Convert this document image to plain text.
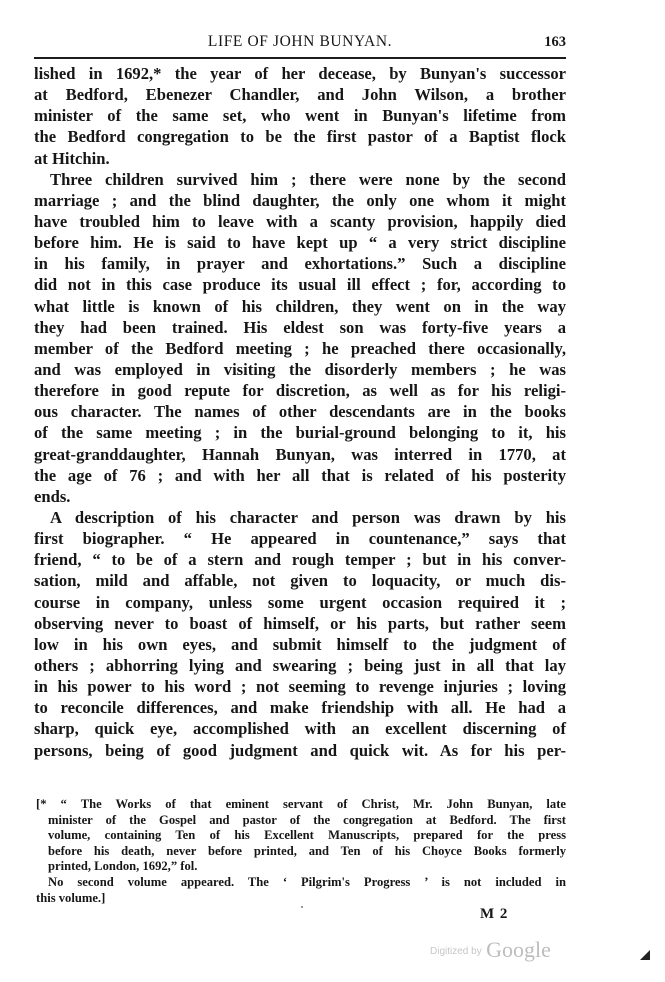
LIFE OF JOHN BUNYAN.	163
lished in 1692,* the year of her decease, by Bunyan's successor
at Bedford, Ebenezer Chandler, and John Wilson, a brother
minister of the same set, who went in Bunyan's lifetime from
the Bedford congregation to be the first pastor of a Baptist flock
at Hitchin.
Three children survived him ; there were none by the second
marriage ; and the blind daughter, the only one whom it might
have troubled him to leave with a scanty provision, happily died
before him. He is said to have kept up “ a very strict discipline
in his family, in prayer and exhortations.” Such a discipline
did not in this case produce its usual ill effect ; for, according to
what little is known of his children, they went on in the way
they had been trained. His eldest son was forty-five years a
member of the Bedford meeting ; he preached there occasionally,
and was employed in visiting the disorderly members ; he was
therefore in good repute for discretion, as well as for his religi-
ous character. The names of other descendants are in the books
of the same meeting ; in the burial-ground belonging to it, his
great-granddaughter, Hannah Bunyan, was interred in 1770, at
the age of 76 ; and with her all that is related of his posterity
ends.
A description of his character and person was drawn by his
first biographer. “ He appeared in countenance,” says that
friend, “ to be of a stern and rough temper ; but in his conver-
sation, mild and affable, not given to loquacity, or much dis-
course in company, unless some urgent occasion required it ;
observing never to boast of himself, or his parts, but rather seem
low in his own eyes, and submit himself to the judgment of
others ; abhorring lying and swearing ; being just in all that lay
in his power to his word ; not seeming to revenge injuries ; loving
to reconcile differences, and make friendship with all. He had a
sharp, quick eye, accomplished with an excellent discerning of
persons, being of good judgment and quick wit. As for his per-
[* “ The Works of that eminent servant of Christ, Mr. John Bunyan, late
minister of the Gospel and pastor of the congregation at Bedford. The first
volume, containing Ten of his Excellent Manuscripts, prepared for the press
before his death, never before printed, and Ten of his Choyce Books formerly
printed, London, 1692,” fol.
No second volume appeared. The ‘ Pilgrim's Progress ’ is not included in
this volume.]
M 2
Digitized by Google
